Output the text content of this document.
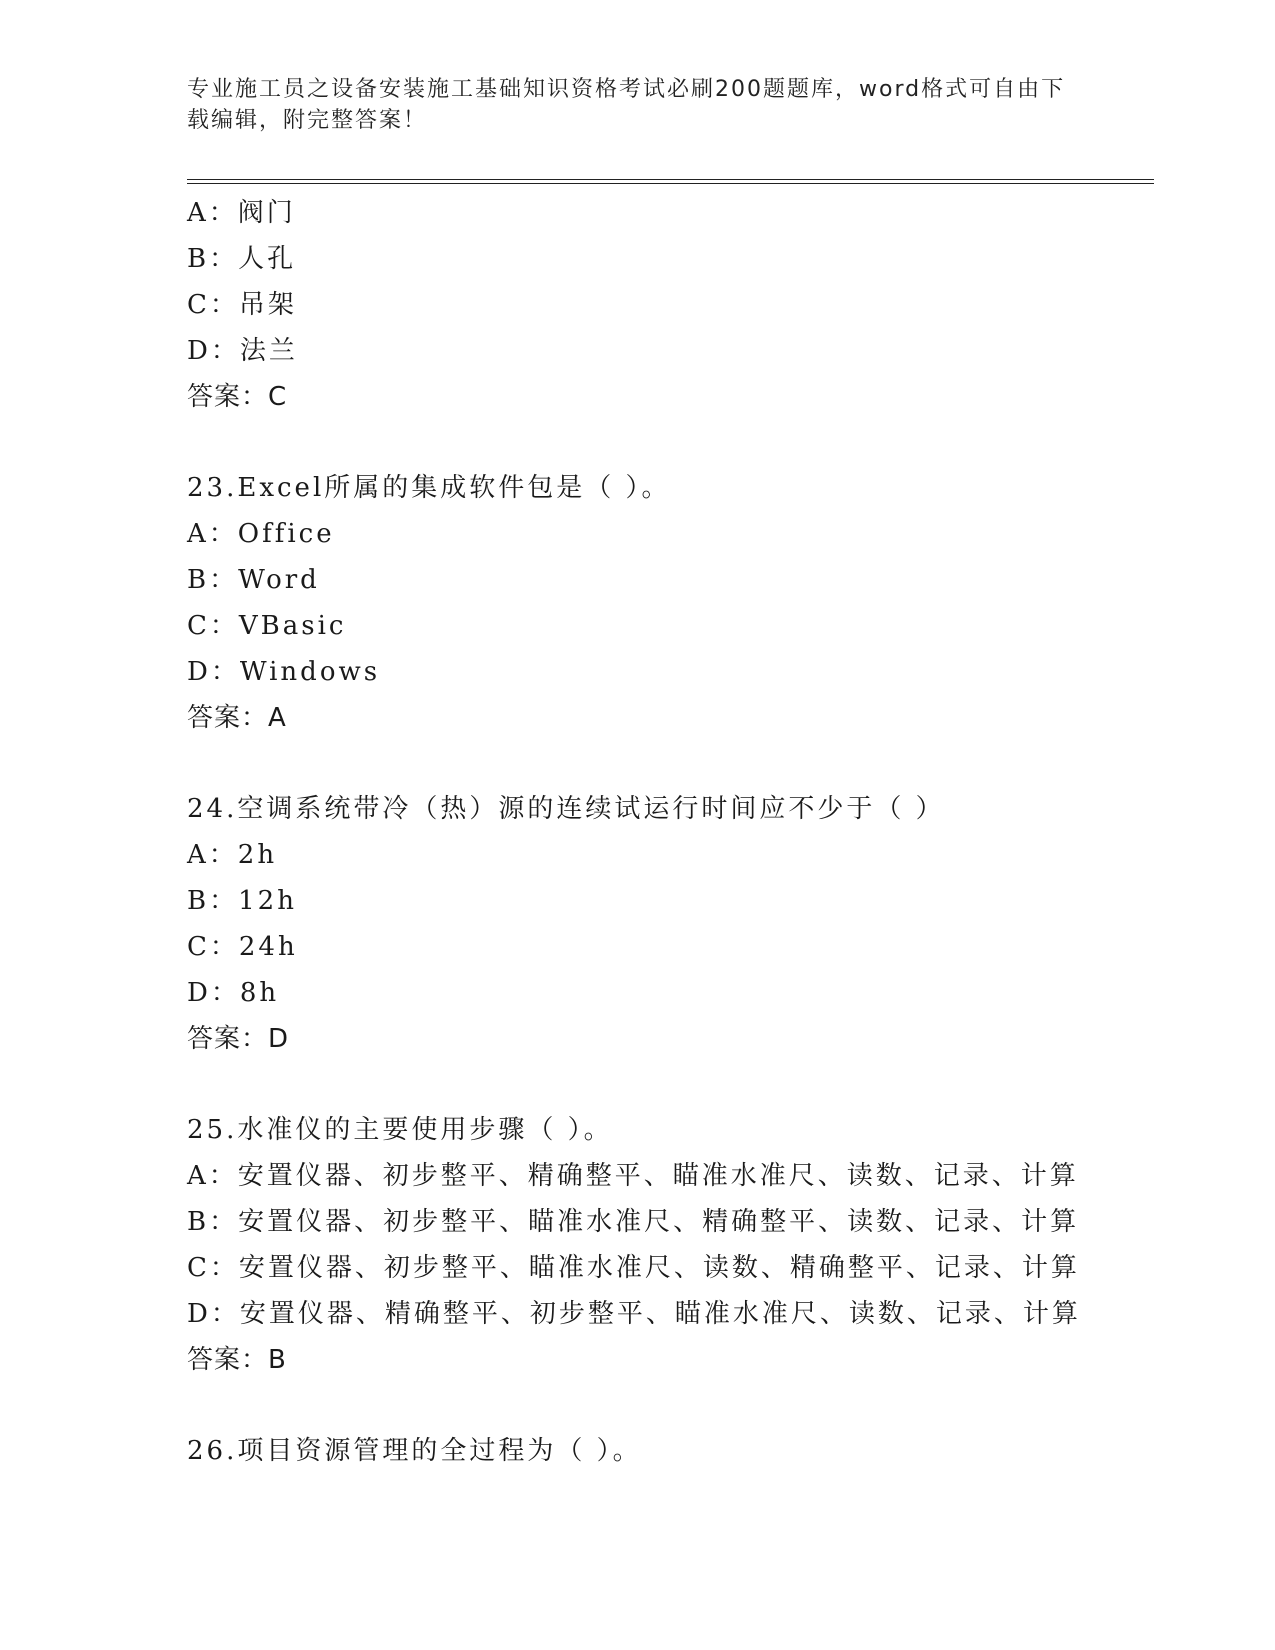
专业施工员之设备安装施工基础知识资格考试必刷200题题库，word格式可自由下载编辑，附完整答案！
A：阀门
B：人孔
C：吊架
D：法兰
答案：C
23.Excel所属的集成软件包是（ ）。
A：Office
B：Word
C：VBasic
D：Windows
答案：A
24.空调系统带冷（热）源的连续试运行时间应不少于（ ）
A：2h
B：12h
C：24h
D：8h
答案：D
25.水准仪的主要使用步骤（ ）。
A：安置仪器、初步整平、精确整平、瞄准水准尺、读数、记录、计算
B：安置仪器、初步整平、瞄准水准尺、精确整平、读数、记录、计算
C：安置仪器、初步整平、瞄准水准尺、读数、精确整平、记录、计算
D：安置仪器、精确整平、初步整平、瞄准水准尺、读数、记录、计算
答案：B
26.项目资源管理的全过程为（ ）。
